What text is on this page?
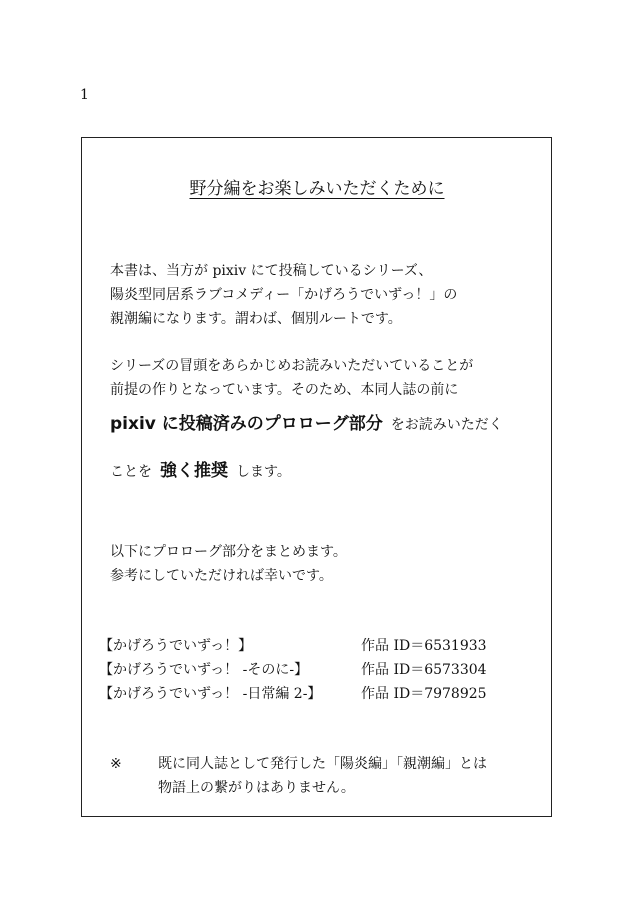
1
野分編をお楽しみいただくために

本書は、当方が pixiv にて投稿しているシリーズ、

陽炎型同居系ラブコメディー「かげろうでいずっ！」の

親潮編になります。謂わば、個別ルートです。

シリーズの冒頭をあらかじめお読みいただいていることが

前提の作りとなっています。そのため、本同人誌の前に

pixiv に投稿済みのプロローグ部分 をお読みいただく
ことを 強く推奨 します。

以下にプロローグ部分をまとめます。

参考にしていただければ幸いです。

【かげろうでいずっ！】	作品 ID＝6531933
【かげろうでいずっ！ -そのに-】	作品 ID＝6573304
【かげろうでいずっ！ -日常編 2-】	作品 ID＝7978925
※	既に同人誌として発行した「陽炎編」「親潮編」とは
物語上の繋がりはありません。
